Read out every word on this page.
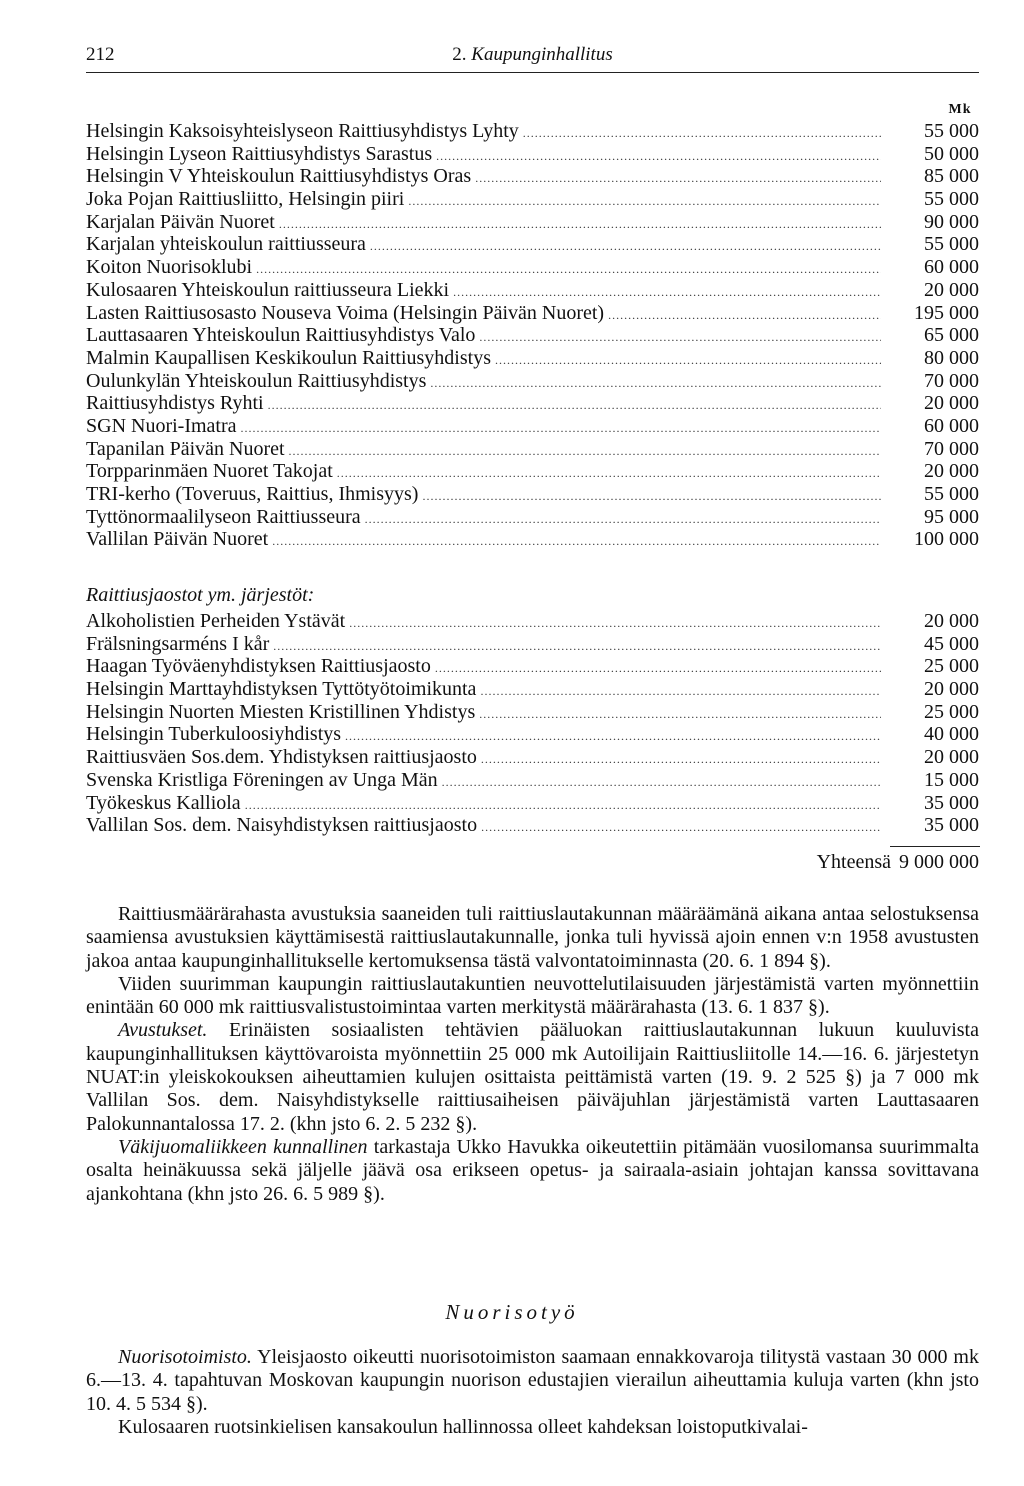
212	2. Kaupunginhallitus
Mk
Helsingin Kaksoisyhteislyseon Raittiusyhdistys Lyhty .....	55 000
Helsingin Lyseon Raittiusyhdistys Sarastus .....	50 000
Helsingin V Yhteiskoulun Raittiusyhdistys Oras .....	85 000
Joka Pojan Raittiusliitto, Helsingin piiri .....	55 000
Karjalan Päivän Nuoret .....	90 000
Karjalan yhteiskoulun raittiusseura .....	55 000
Koiton Nuorisoklubi .....	60 000
Kulosaaren Yhteiskoulun raittiusseura Liekki .....	20 000
Lasten Raittiusosasto Nouseva Voima (Helsingin Päivän Nuoret) .....	195 000
Lauttasaaren Yhteiskoulun Raittiusyhdistys Valo .....	65 000
Malmin Kaupallisen Keskikoulun Raittiusyhdistys .....	80 000
Oulunkylän Yhteiskoulun Raittiusyhdistys .....	70 000
Raittiusyhdistys Ryhti .....	20 000
SGN Nuori-Imatra .....	60 000
Tapanilan Päivän Nuoret .....	70 000
Torpparinmäen Nuoret Takojat .....	20 000
TRI-kerho (Toveruus, Raittius, Ihmisyys) .....	55 000
Tyttönormaalilyseon Raittiusseura .....	95 000
Vallilan Päivän Nuoret .....	100 000
Raittiusjaostot ym. järjestöt:
Alkoholistien Perheiden Ystävät .....	20 000
Frälsningsarméns I kår .....	45 000
Haagan Työväenyhdistyksen Raittiusjaosto .....	25 000
Helsingin Marttayhdistyksen Tyttötyötoimikunta .....	20 000
Helsingin Nuorten Miesten Kristillinen Yhdistys .....	25 000
Helsingin Tuberkuloosiyhdistys .....	40 000
Raittiusväen Sos.dem. Yhdistyksen raittiusjaosto .....	20 000
Svenska Kristliga Föreningen av Unga Män .....	15 000
Työkeskus Kalliola .....	35 000
Vallilan Sos. dem. Naisyhdistyksen raittiusjaosto .....	35 000
Yhteensä 9 000 000

Raittiusmäärärahasta avustuksia saaneiden tuli raittiuslautakunnan määräämänä aikana antaa selostuksensa saamiensa avustuksien käyttämisestä raittiuslautakunnalle, jonka tuli hyvissä ajoin ennen v:n 1958 avustusten jakoa antaa kaupunginhallitukselle kertomuksensa tästä valvontatoiminnasta (20. 6. 1 894 §).

Viiden suurimman kaupungin raittiuslautakuntien neuvottelutilaisuuden järjestämistä varten myönnettiin enintään 60 000 mk raittiusvalistustoimintaa varten merkitystä määrärahasta (13. 6. 1 837 §).

Avustukset. Erinäisten sosiaalisten tehtävien pääluokan raittiuslautakunnan lukuun kuuluvista kaupunginhallituksen käyttövaroista myönnettiin 25 000 mk Autoilijain Raittiusliitolle 14.—16. 6. järjestetyn NUAT:in yleiskokouksen aiheuttamien kulujen osittaista peittämistä varten (19. 9. 2 525 §) ja 7 000 mk Vallilan Sos. dem. Naisyhdistykselle raittiusaiheisen päiväjuhlan järjestämistä varten Lauttasaaren Palokunnantalossa 17. 2. (khn jsto 6. 2. 5 232 §).

Väkijuomaliikkeen kunnallinen tarkastaja Ukko Havukka oikeutettiin pitämään vuosilomansa suurimmalta osalta heinäkuussa sekä jäljelle jäävä osa erikseen opetus- ja sairaala-asiain johtajan kanssa sovittavana ajankohtana (khn jsto 26. 6. 5 989 §).

Nuorisotyö

Nuorisotoimisto. Yleisjaosto oikeutti nuorisotoimiston saamaan ennakkovaroja tilitystä vastaan 30 000 mk 6.—13. 4. tapahtuvan Moskovan kaupungin nuorison edustajien vierailun aiheuttamia kuluja varten (khn jsto 10. 4. 5 534 §).

Kulosaaren ruotsinkielisen kansakoulun hallinnossa olleet kahdeksan loistoputkivalai-
